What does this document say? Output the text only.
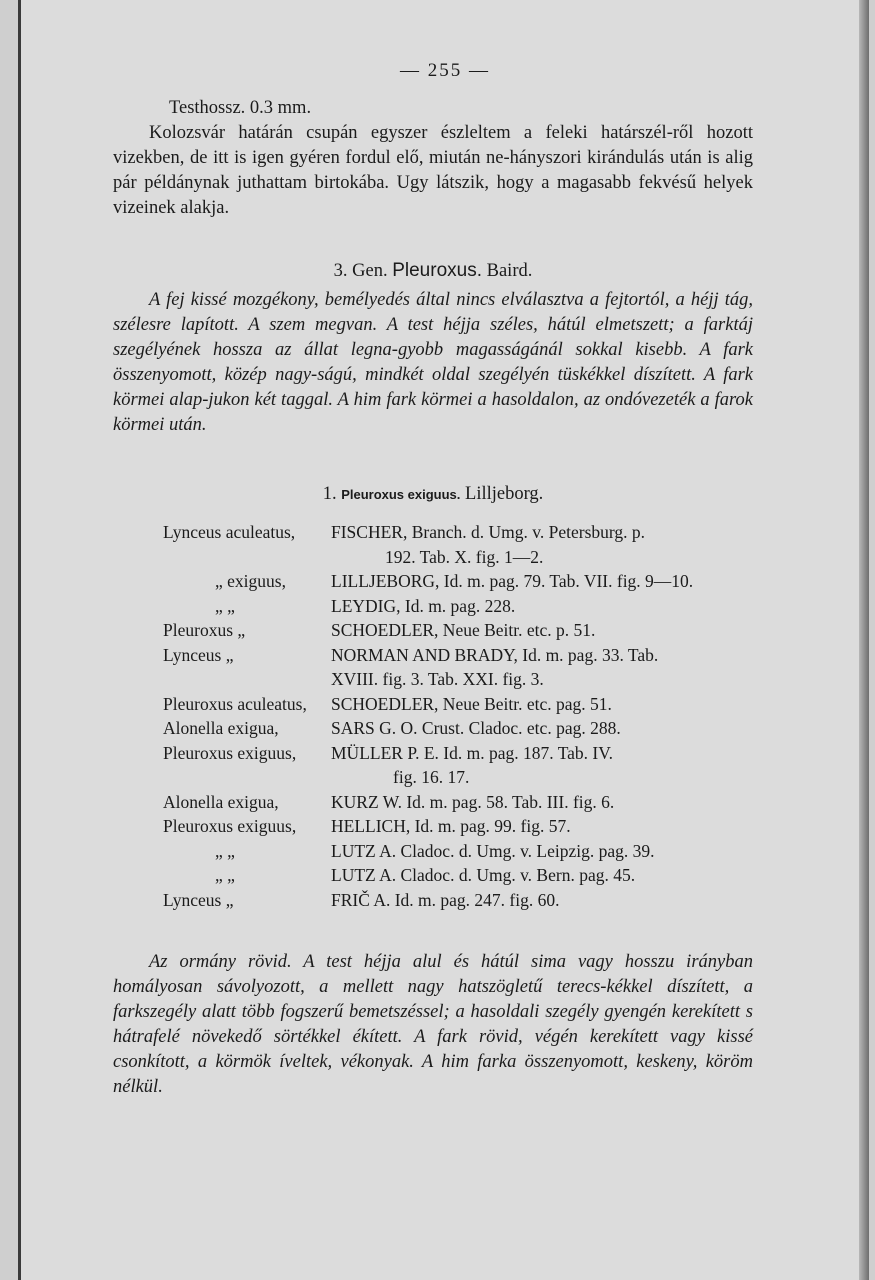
— 255 —

Testhossz. 0.3 mm.

Kolozsvár határán csupán egyszer észleltem a feleki határszél-ről hozott vizekben, de itt is igen gyéren fordul elő, miután ne-hányszori kirándulás után is alig pár példánynak juthattam birtokába. Ugy látszik, hogy a magasabb fekvésű helyek vizeinek alakja.

3. Gen. Pleuroxus. Baird.

A fej kissé mozgékony, bemélyedés által nincs elválasztva a fejtortól, a héjj tág, szélesre lapított. A szem megvan. A test héjja széles, hátúl elmetszett; a farktáj szegélyének hossza az állat legna-gyobb magasságánál sokkal kisebb. A fark összenyomott, közép nagy-ságú, mindkét oldal szegélyén tüskékkel díszített. A fark körmei alap-jukon két taggal. A him fark körmei a hasoldalon, az ondóvezeték a farok körmei után.

1. Pleuroxus exiguus. Lilljeborg.
Lynceus aculeatus,	FISCHER, Branch. d. Umg. v. Petersburg. p.
192. Tab. X. fig. 1—2.
„ exiguus,	LILLJEBORG, Id. m. pag. 79. Tab. VII. fig. 9—10.
„ „	LEYDIG, Id. m. pag. 228.
Pleuroxus „	SCHOEDLER, Neue Beitr. etc. p. 51.
Lynceus „	NORMAN AND BRADY, Id. m. pag. 33. Tab.
XVIII. fig. 3. Tab. XXI. fig. 3.
Pleuroxus aculeatus,	SCHOEDLER, Neue Beitr. etc. pag. 51.
Alonella exigua,	SARS G. O. Crust. Cladoc. etc. pag. 288.
Pleuroxus exiguus,	MÜLLER P. E. Id. m. pag. 187. Tab. IV.
fig. 16. 17.
Alonella exigua,	KURZ W. Id. m. pag. 58. Tab. III. fig. 6.
Pleuroxus exiguus,	HELLICH, Id. m. pag. 99. fig. 57.
„ „	LUTZ A. Cladoc. d. Umg. v. Leipzig. pag. 39.
„ „	LUTZ A. Cladoc. d. Umg. v. Bern. pag. 45.
Lynceus „	FRIČ A. Id. m. pag. 247. fig. 60.

Az ormány rövid. A test héjja alul és hátúl sima vagy hosszu irányban homályosan sávolyozott, a mellett nagy hatszögletű terecs-kékkel díszített, a farkszegély alatt több fogszerű bemetszéssel; a hasoldali szegély gyengén kerekített s hátrafelé növekedő sörtékkel ékített. A fark rövid, végén kerekített vagy kissé csonkított, a körmök íveltek, vékonyak. A him farka összenyomott, keskeny, köröm nélkül.
